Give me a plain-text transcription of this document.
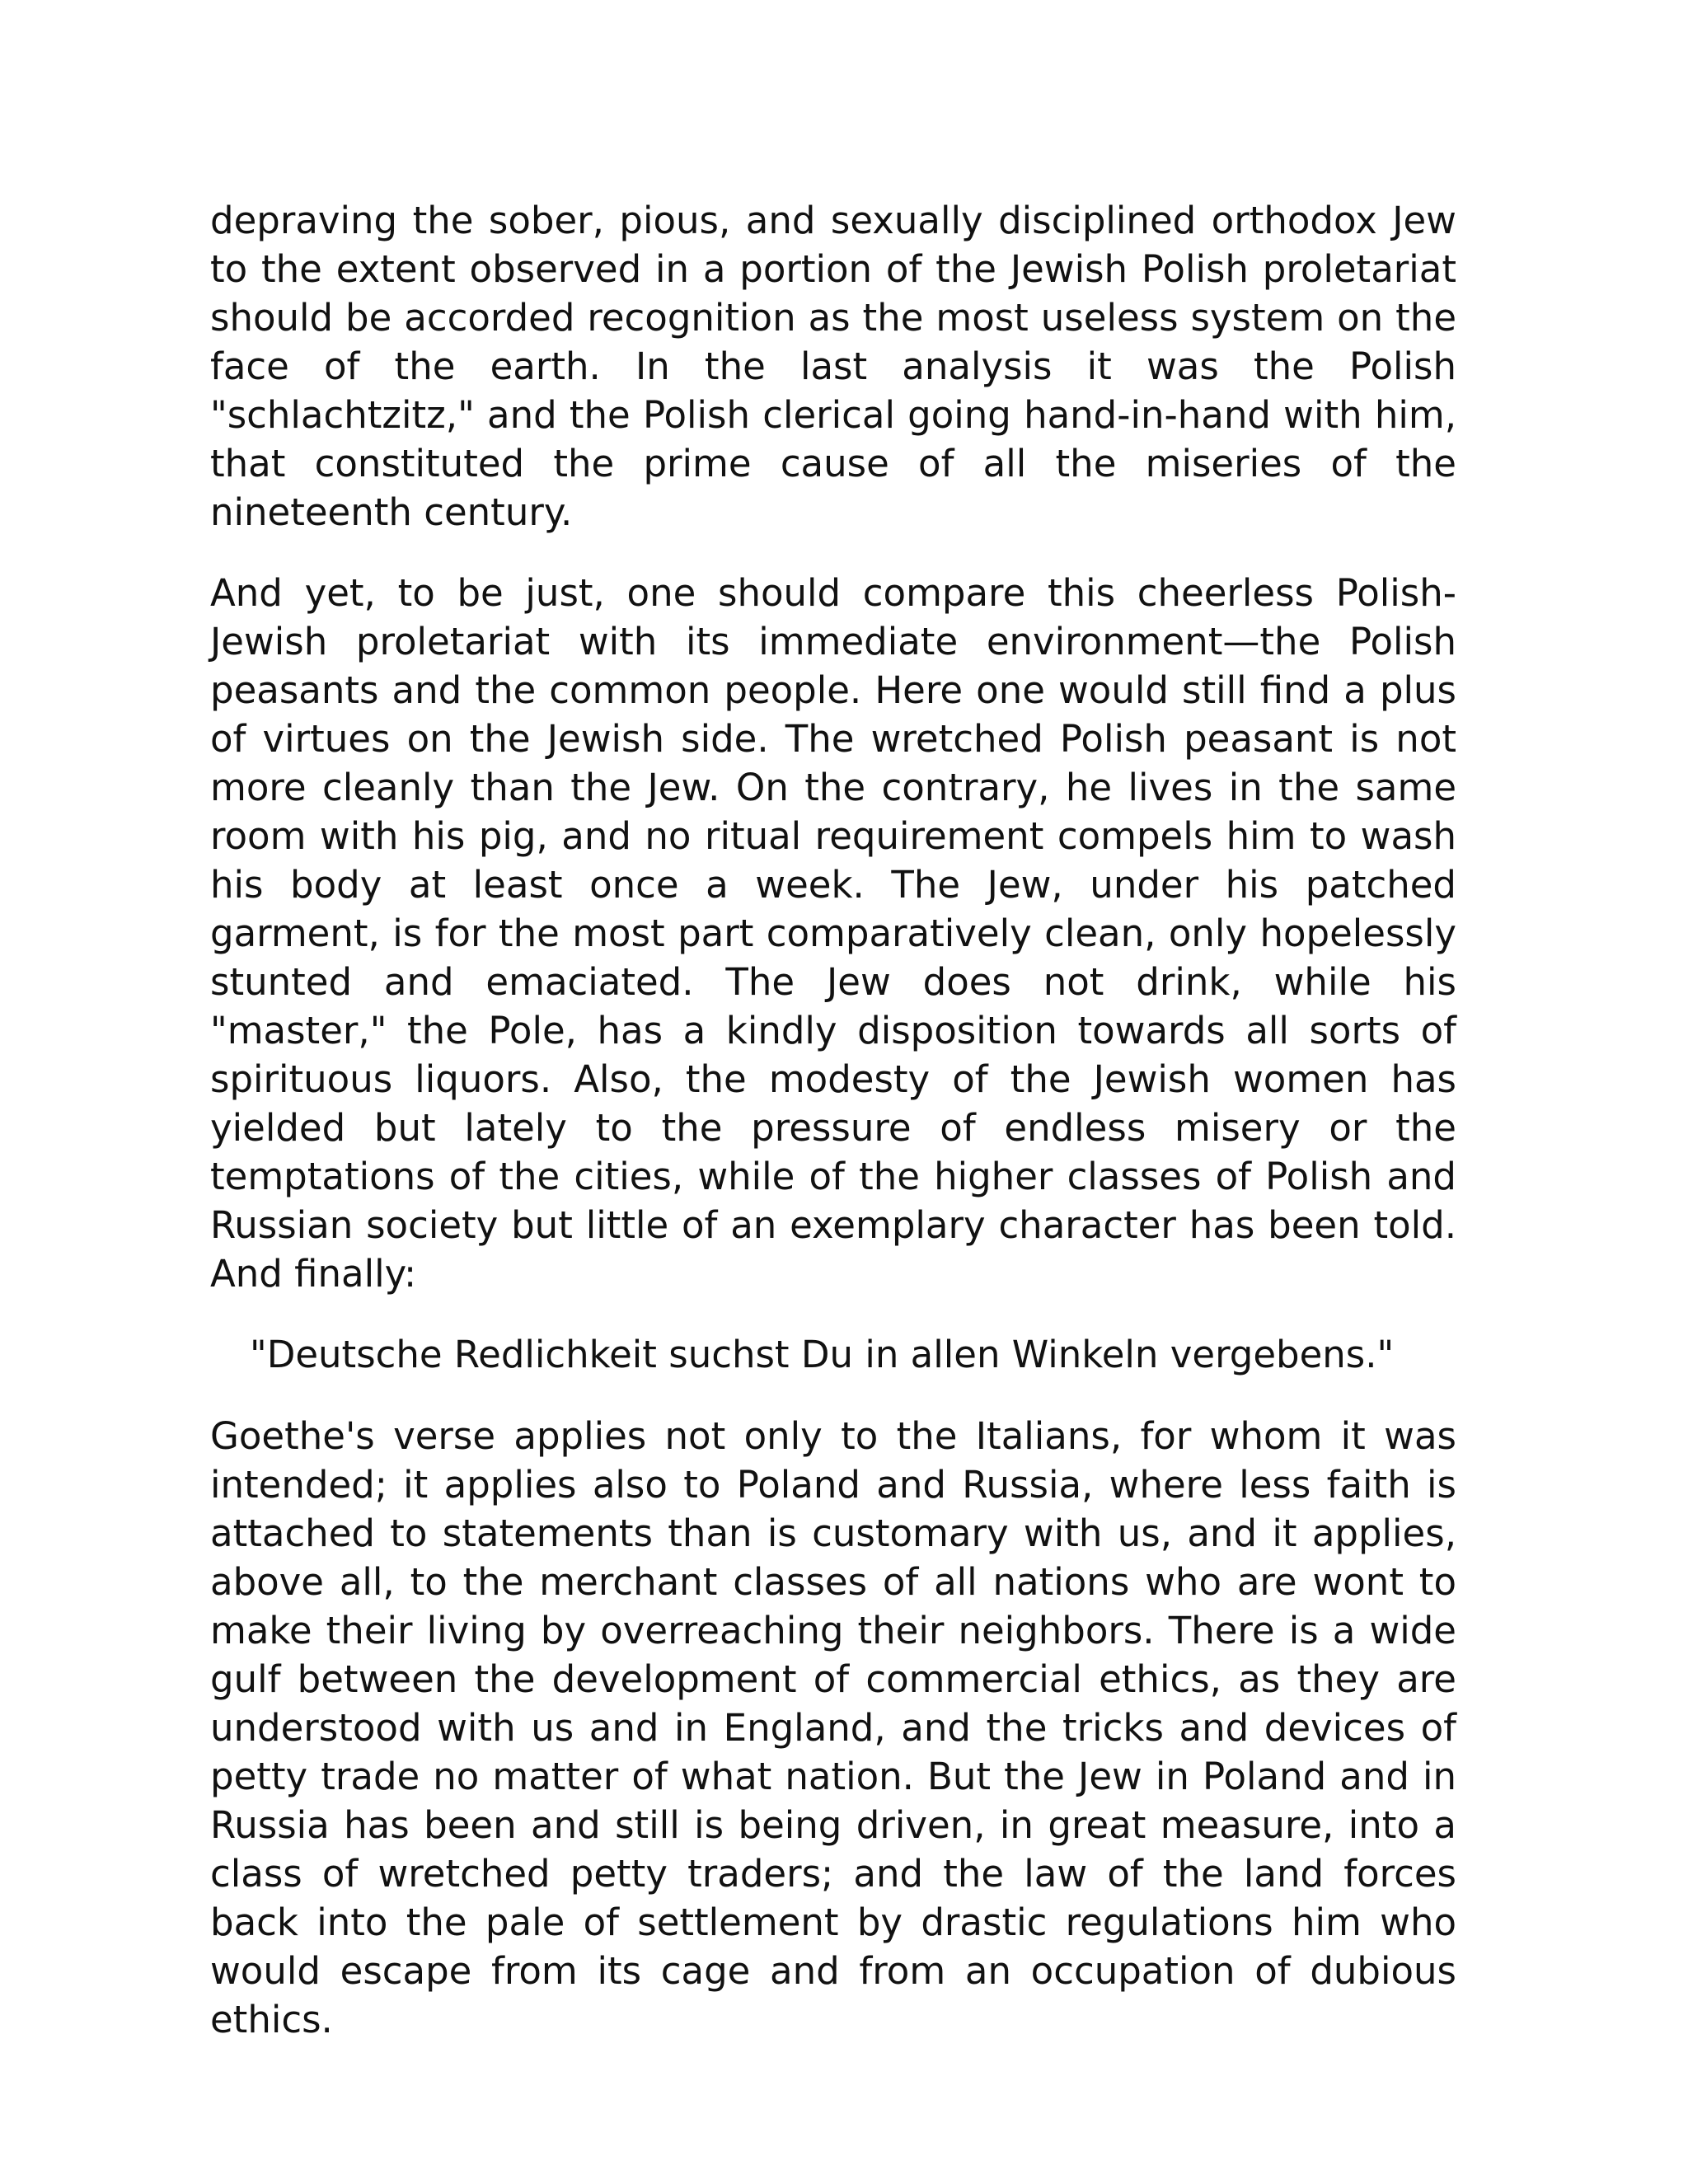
depraving the sober, pious, and sexually disciplined orthodox Jew to the extent observed in a portion of the Jewish Polish proletariat should be accorded recognition as the most useless system on the face of the earth. In the last analysis it was the Polish "schlachtzitz," and the Polish clerical going hand-in-hand with him, that constituted the prime cause of all the miseries of the nineteenth century.

And yet, to be just, one should compare this cheerless Polish-Jewish proletariat with its immediate environment—the Polish peasants and the common people. Here one would still find a plus of virtues on the Jewish side. The wretched Polish peasant is not more cleanly than the Jew. On the contrary, he lives in the same room with his pig, and no ritual requirement compels him to wash his body at least once a week. The Jew, under his patched garment, is for the most part comparatively clean, only hopelessly stunted and emaciated. The Jew does not drink, while his "master," the Pole, has a kindly disposition towards all sorts of spirituous liquors. Also, the modesty of the Jewish women has yielded but lately to the pressure of endless misery or the temptations of the cities, while of the higher classes of Polish and Russian society but little of an exemplary character has been told. And finally:

"Deutsche Redlichkeit suchst Du in allen Winkeln vergebens."

Goethe's verse applies not only to the Italians, for whom it was intended; it applies also to Poland and Russia, where less faith is attached to statements than is customary with us, and it applies, above all, to the merchant classes of all nations who are wont to make their living by overreaching their neighbors. There is a wide gulf between the development of commercial ethics, as they are understood with us and in England, and the tricks and devices of petty trade no matter of what nation. But the Jew in Poland and in Russia has been and still is being driven, in great measure, into a class of wretched petty traders; and the law of the land forces back into the pale of settlement by drastic regulations him who would escape from its cage and from an occupation of dubious ethics.
